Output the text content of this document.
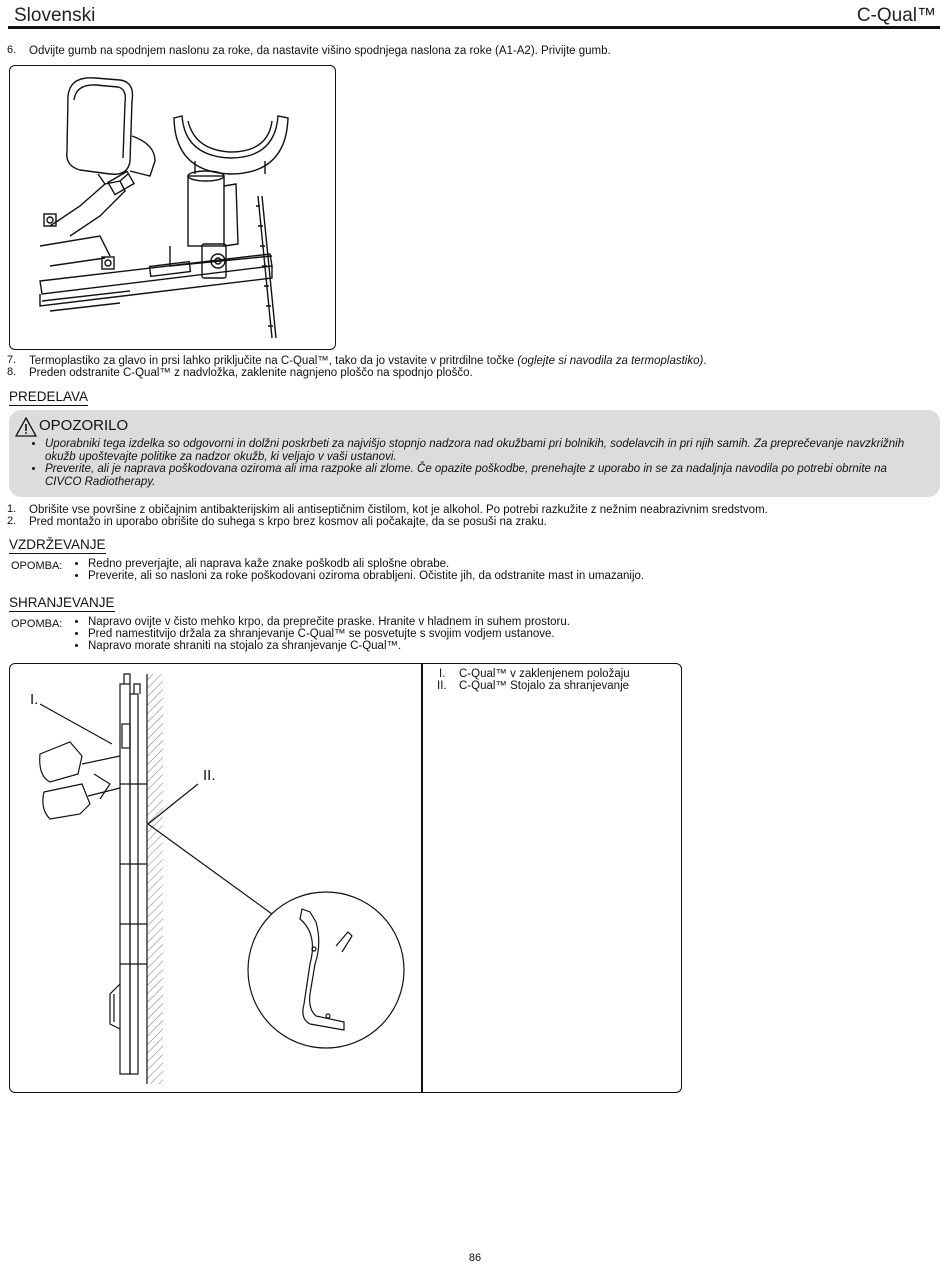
Slovenski	C-Qual™
6.	Odvijte gumb na spodnjem naslonu za roke, da nastavite višino spodnjega naslona za roke (A1-A2). Privijte gumb.
7.	Termoplastiko za glavo in prsi lahko priključite na C-Qual™, tako da jo vstavite v pritrdilne točke (oglejte si navodila za termoplastiko).
8.	Preden odstranite C-Qual™ z nadvložka, zaklenite nagnjeno ploščo na spodnjo ploščo.
PREDELAVA
OPOZORILO
• Uporabniki tega izdelka so odgovorni in dolžni poskrbeti za najvišjo stopnjo nadzora nad okužbami pri bolnikih, sodelavcih in pri njih samih. Za preprečevanje navzkrižnih okužb upoštevajte politike za nadzor okužb, ki veljajo v vaši ustanovi.
• Preverite, ali je naprava poškodovana oziroma ali ima razpoke ali zlome. Če opazite poškodbe, prenehajte z uporabo in se za nadaljnja navodila po potrebi obrnite na CIVCO Radiotherapy.
1.	Obrišite vse površine z običajnim antibakterijskim ali antiseptičnim čistilom, kot je alkohol. Po potrebi razkužite z nežnim neabrazivnim sredstvom.
2.	Pred montažo in uporabo obrišite do suhega s krpo brez kosmov ali počakajte, da se posuši na zraku.
VZDRŽEVANJE
OPOMBA: • Redno preverjajte, ali naprava kaže znake poškodb ali splošne obrabe.
• Preverite, ali so nasloni za roke poškodovani oziroma obrabljeni. Očistite jih, da odstranite mast in umazanijo.
SHRANJEVANJE
OPOMBA: • Napravo ovijte v čisto mehko krpo, da preprečite praske. Hranite v hladnem in suhem prostoru.
• Pred namestitvijo držala za shranjevanje C-Qual™ se posvetujte s svojim vodjem ustanove.
• Napravo morate shraniti na stojalo za shranjevanje C-Qual™.
I.
II.
I. C-Qual™ v zaklenjenem položaju
II. C-Qual™ Stojalo za shranjevanje
86
